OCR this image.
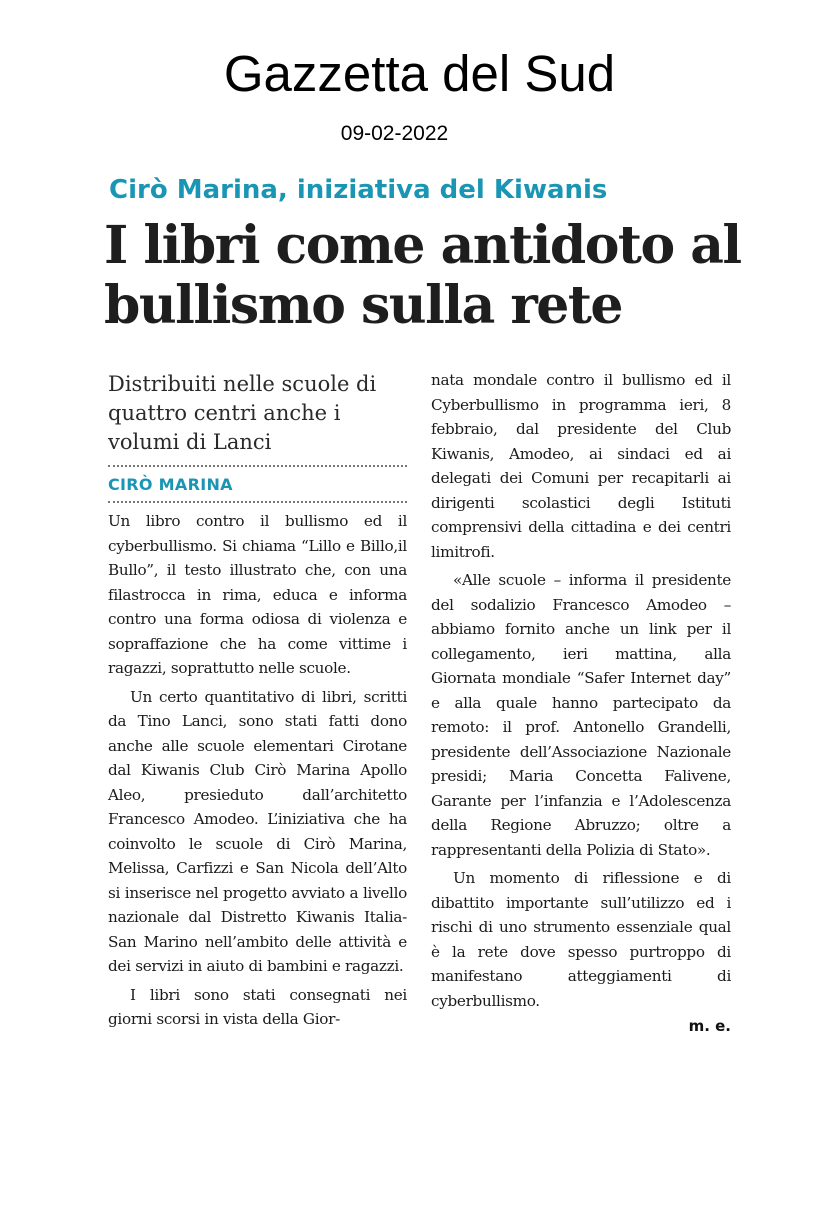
Gazzetta del Sud
09-02-2022
Cirò Marina, iniziativa del Kiwanis
I libri come antidoto al bullismo sulla rete
Distribuiti nelle scuole di quattro centri anche i volumi di Lanci
CIRÒ MARINA

Un libro contro il bullismo ed il cyberbullismo. Si chiama “Lillo e Billo,il Bullo”, il testo illustrato che, con una filastrocca in rima, educa e informa contro una forma odiosa di violenza e sopraffazione che ha come vittime i ragazzi, soprattutto nelle scuole.

Un certo quantitativo di libri, scritti da Tino Lanci, sono stati fatti dono anche alle scuole elementari Cirotane dal Kiwanis Club Cirò Marina Apollo Aleo, presieduto dall’architetto Francesco Amodeo. L’iniziativa che ha coinvolto le scuole di Cirò Marina, Melissa, Carfizzi e San Nicola dell’Alto si inserisce nel progetto avviato a livello nazionale dal Distretto Kiwanis Italia-San Marino nell’ambito delle attività e dei servizi in aiuto di bambini e ragazzi.

I libri sono stati consegnati nei giorni scorsi in vista della Gior-

nata mondale contro il bullismo ed il Cyberbullismo in programma ieri, 8 febbraio, dal presidente del Club Kiwanis, Amodeo, ai sindaci ed ai delegati dei Comuni per recapitarli ai dirigenti scolastici degli Istituti comprensivi della cittadina e dei centri limitrofi.

«Alle scuole – informa il presidente del sodalizio Francesco Amodeo – abbiamo fornito anche un link per il collegamento, ieri mattina, alla Giornata mondiale “Safer Internet day” e alla quale hanno partecipato da remoto: il prof. Antonello Grandelli, presidente dell’Associazione Nazionale presidi; Maria Concetta Falivene, Garante per l’infanzia e l’Adolescenza della Regione Abruzzo; oltre a rappresentanti della Polizia di Stato».

Un momento di riflessione e di dibattito importante sull’utilizzo ed i rischi di uno strumento essenziale qual è la rete dove spesso purtroppo di manifestano atteggiamenti di cyberbullismo.

m. e.
